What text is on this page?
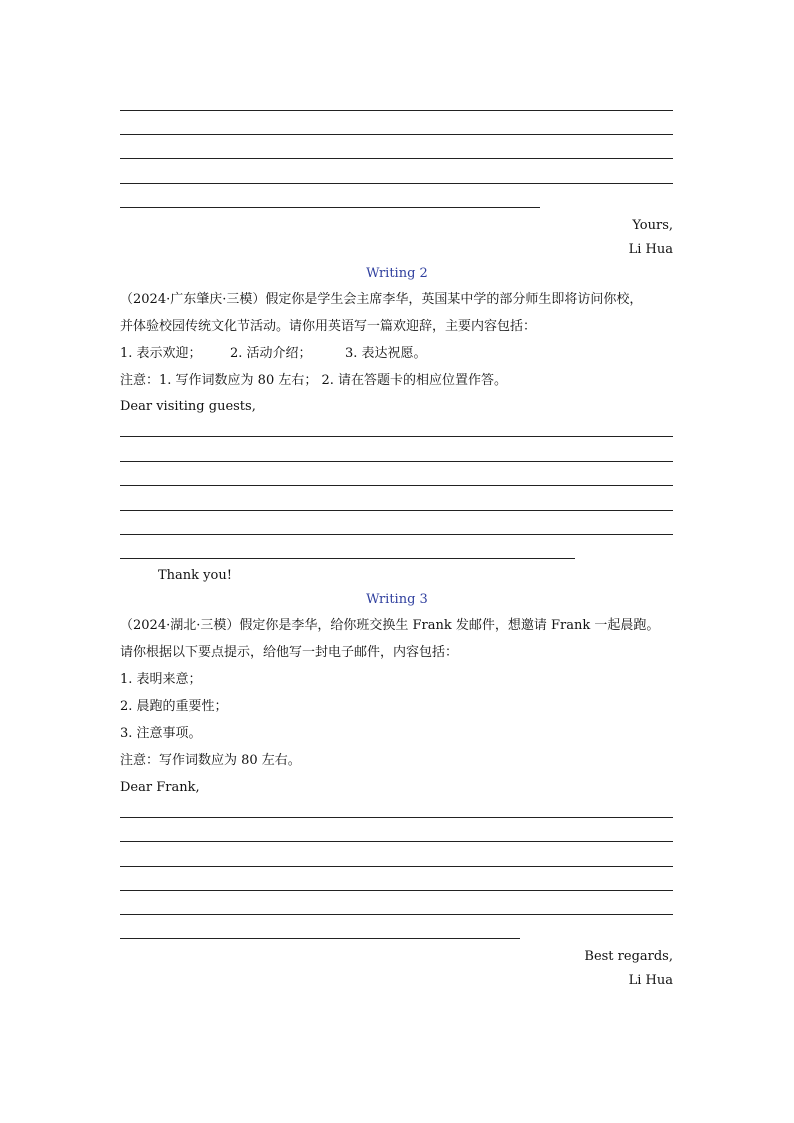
Yours,
Li Hua
Writing 2
（2024·广东肇庆·三模）假定你是学生会主席李华，英国某中学的部分师生即将访问你校，
并体验校园传统文化节活动。请你用英语写一篇欢迎辞，主要内容包括：
1. 表示欢迎； 2. 活动介绍；	3. 表达祝愿。
注意：1. 写作词数应为 80 左右； 2. 请在答题卡的相应位置作答。
Dear visiting guests,
Thank you!
Writing 3
（2024·湖北·三模）假定你是李华，给你班交换生 Frank 发邮件，想邀请 Frank 一起晨跑。
请你根据以下要点提示，给他写一封电子邮件，内容包括：
1. 表明来意；
2. 晨跑的重要性；
3. 注意事项。
注意：写作词数应为 80 左右。
Dear Frank,
Best regards,
Li Hua
